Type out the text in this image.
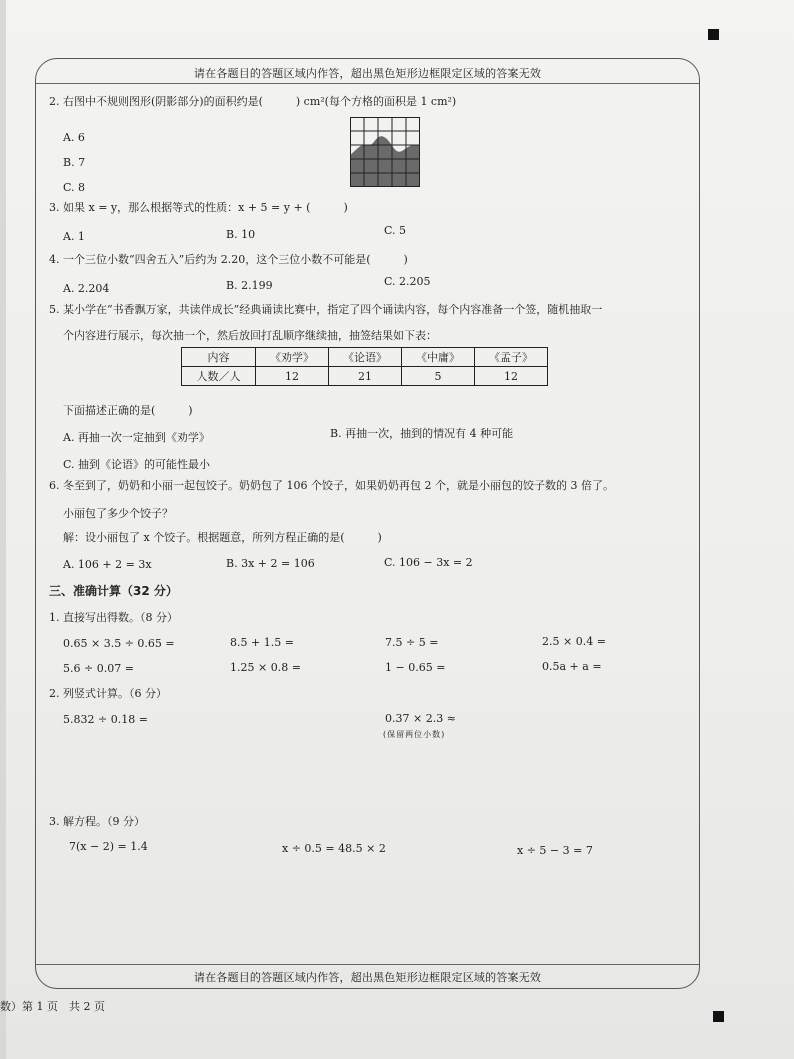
请在各题目的答题区域内作答，超出黑色矩形边框限定区域的答案无效
请在各题目的答题区域内作答，超出黑色矩形边框限定区域的答案无效
2. 右图中不规则图形(阴影部分)的面积约是(　　　) cm²(每个方格的面积是 1 cm²)
A. 6
B. 7
C. 8
3. 如果 x = y，那么根据等式的性质：x + 5 = y + (　　　)
A. 1	B. 10	C. 5
4. 一个三位小数“四舍五入”后约为 2.20，这个三位小数不可能是(　　　)
A. 2.204	B. 2.199	C. 2.205
5. 某小学在“书香飘万家，共读伴成长”经典诵读比赛中，指定了四个诵读内容，每个内容准备一个签，随机抽取一
个内容进行展示，每次抽一个，然后放回打乱顺序继续抽，抽签结果如下表：
内容	《劝学》	《论语》	《中庸》	《孟子》
人数／人	12	21	5	12
下面描述正确的是(　　　)
A. 再抽一次一定抽到《劝学》	B. 再抽一次，抽到的情况有 4 种可能
C. 抽到《论语》的可能性最小
6. 冬至到了，奶奶和小丽一起包饺子。奶奶包了 106 个饺子，如果奶奶再包 2 个，就是小丽包的饺子数的 3 倍了。
小丽包了多少个饺子？
解：设小丽包了 x 个饺子。根据题意，所列方程正确的是(　　　)
A. 106 + 2 = 3x	B. 3x + 2 = 106	C. 106 − 3x = 2
三、准确计算（32 分）
1. 直接写出得数。（8 分）
0.65 × 3.5 ÷ 0.65 =	8.5 + 1.5 =	7.5 ÷ 5 =	2.5 × 0.4 =
5.6 ÷ 0.07 =	1.25 × 0.8 =	1 − 0.65 =	0.5a + a =
2. 列竖式计算。（6 分）
5.832 ÷ 0.18 =	0.37 × 2.3 ≈
(保留两位小数)
3. 解方程。（9 分）
7(x − 2) = 1.4	x ÷ 0.5 = 48.5 × 2	x ÷ 5 − 3 = 7
数）第 1 页　共 2 页
